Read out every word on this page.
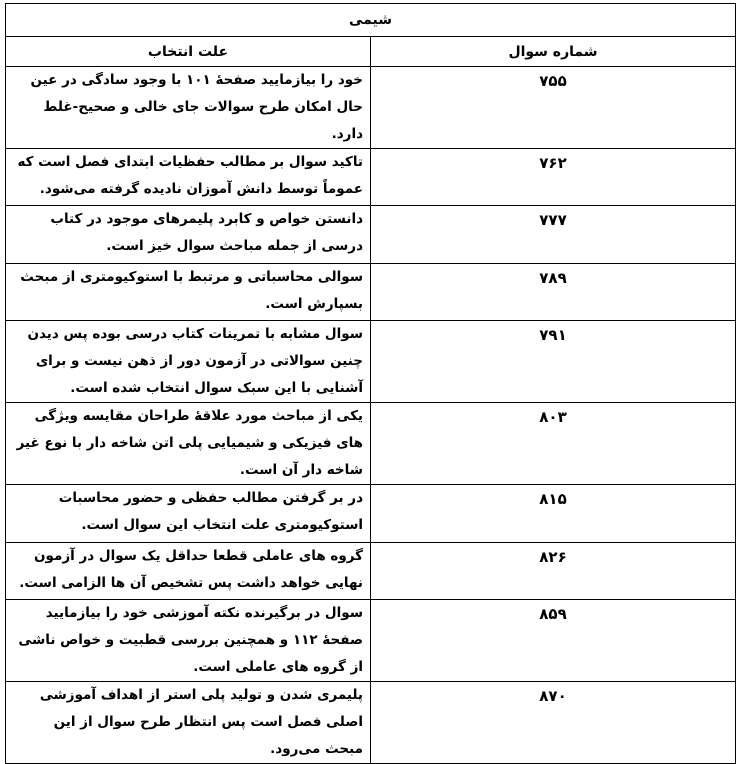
شیمی	
شماره سوال	علت انتخاب
۷۵۵	خود را بیازمایید صفحهٔ ۱۰۱ با وجود سادگی در عین حال امکان طرح سوالات جای خالی و صحیح-غلط دارد.
۷۶۲	تاکید سوال بر مطالب حفظیات ابتدای فصل است که عموماً توسط دانش آموزان نادیده گرفته می‌شود.
۷۷۷	دانستن خواص و کابرد پلیمرهای موجود در کتاب درسی از جمله مباحث سوال خیز است.
۷۸۹	سوالی محاسباتی و مرتبط با استوکیومتری از مبحث بسپارش است.
۷۹۱	سوال مشابه با تمرینات کتاب درسی بوده پس دیدن چنین سوالاتی در آزمون دور از ذهن نیست و برای آشنایی با این سبک سوال انتخاب شده است.
۸۰۳	یکی از مباحث مورد علاقهٔ طراحان مقایسه ویژگی های فیزیکی و شیمیایی پلی اتن شاخه دار با نوع غیر شاخه دار آن است.
۸۱۵	در بر گرفتن مطالب حفظی و حضور محاسبات استوکیومتری علت انتخاب این سوال است.
۸۲۶	گروه های عاملی قطعا حداقل یک سوال در آزمون نهایی خواهد داشت پس تشخیص آن ها الزامی است.
۸۵۹	سوال در برگیرنده نکته آموزشی خود را بیازمایید صفحهٔ ۱۱۲ و همچنین بررسی قطبیت و خواص ناشی از گروه های عاملی است.
۸۷۰	پلیمری شدن و تولید پلی استر از اهداف آموزشی اصلی فصل است پس انتظار طرح سوال از این مبحث می‌رود.
